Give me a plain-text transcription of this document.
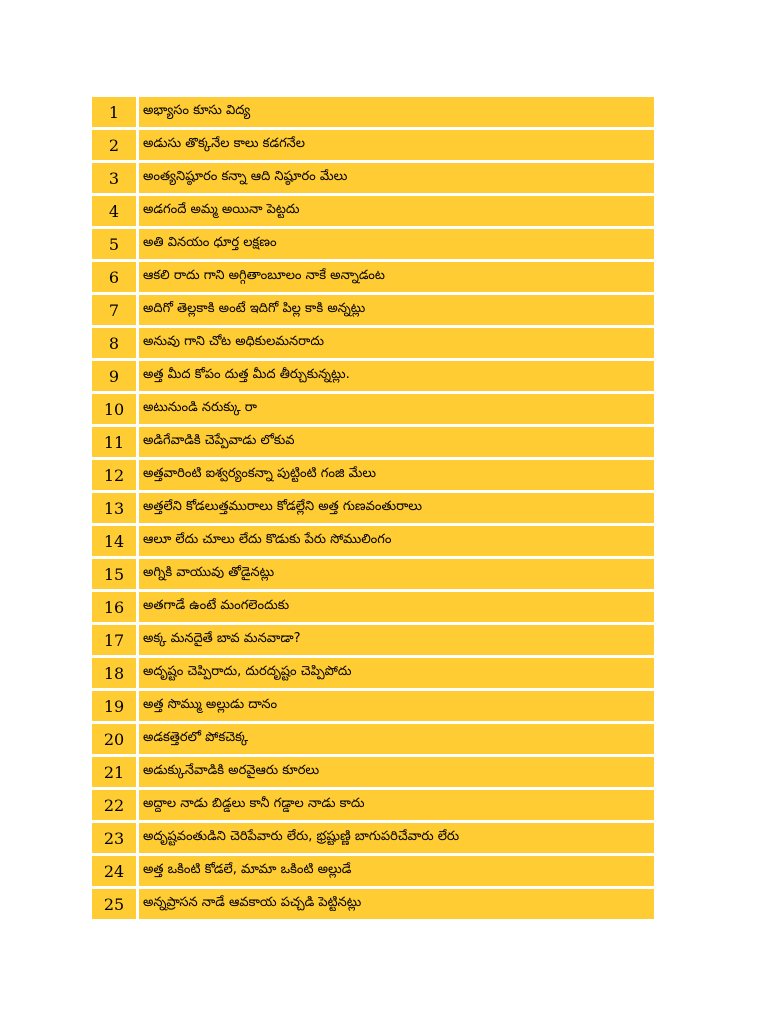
1	అభ్యాసం కూసు విద్య
2	అడుసు తొక్కనేల కాలు కడగనేల
3	అంత్యనిష్ఠూరం కన్నా ఆది నిష్ఠూరం మేలు
4	అడగందే అమ్మ అయినా పెట్టదు
5	అతి వినయం ధూర్త లక్షణం
6	ఆకలి రాదు గాని అగ్గితాంబూలం నాకే అన్నాడంట
7	అదిగో తెల్లకాకి అంటే ఇదిగో పిల్ల కాకి అన్నట్లు
8	అనువు గాని చోట అధికులమనరాదు
9	అత్త మీద కోపం దుత్త మీద తీర్చుకున్నట్లు.
10	అటునుండి నరుక్కు రా
11	అడిగేవాడికి చెప్పేవాడు లోకువ
12	అత్తవారింటి ఐశ్వర్యంకన్నా పుట్టింటి గంజి మేలు
13	అత్తలేని కోడలుత్తమురాలు కోడల్లేని అత్త గుణవంతురాలు
14	ఆలూ లేదు చూలు లేదు కొడుకు పేరు సోములింగం
15	అగ్నికి వాయువు తోడైనట్లు
16	అతగాడే ఉంటే మంగలెందుకు
17	అక్క మనదైతే బావ మనవాడా?
18	అదృష్టం చెప్పిరాదు, దురదృష్టం చెప్పిపోదు
19	అత్త సొమ్ము అల్లుడు దానం
20	అడకత్తెరలో పోకచెక్క
21	అడుక్కునేవాడికి అరవైఆరు కూరలు
22	అద్దాల నాడు బిడ్డలు కానీ గడ్డాల నాడు కాదు
23	అదృష్టవంతుడిని చెరిపేవారు లేరు, భ్రష్టుణ్ణి బాగుపరిచేవారు లేరు
24	అత్త ఒకింటి కోడలే, మామా ఒకింటి అల్లుడే
25	అన్నప్రాసన నాడే ఆవకాయ పచ్చడి పెట్టినట్లు
